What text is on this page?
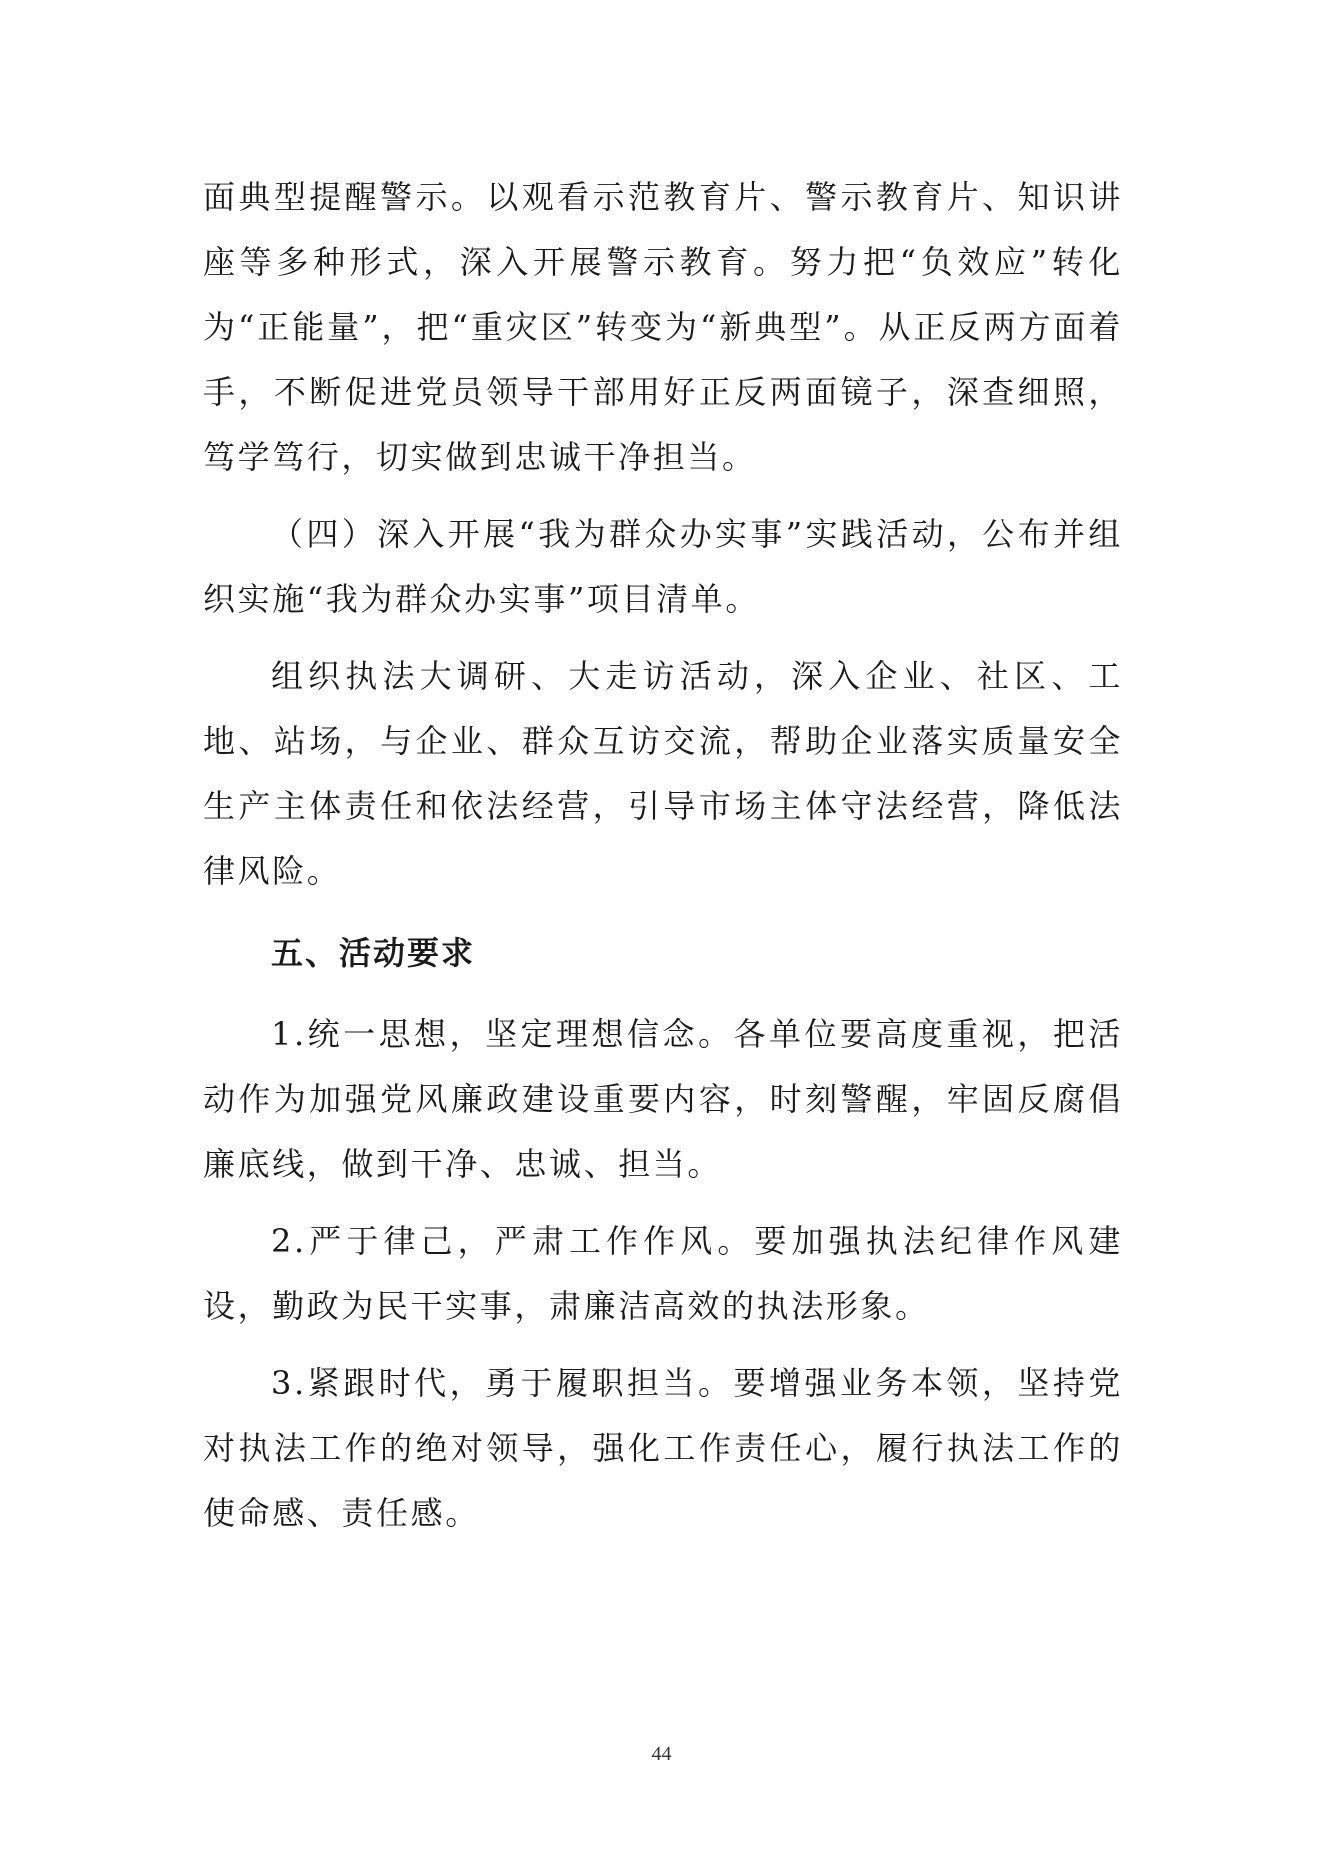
面典型提醒警示。以观看示范教育片、警示教育片、知识讲座等多种形式，深入开展警示教育。努力把“负效应”转化为“正能量”，把“重灾区”转变为“新典型”。从正反两方面着手，不断促进党员领导干部用好正反两面镜子，深查细照，笃学笃行，切实做到忠诚干净担当。

（四）深入开展“我为群众办实事”实践活动，公布并组织实施“我为群众办实事”项目清单。

组织执法大调研、大走访活动，深入企业、社区、工地、站场，与企业、群众互访交流，帮助企业落实质量安全生产主体责任和依法经营，引导市场主体守法经营，降低法律风险。

五、活动要求

1.统一思想，坚定理想信念。各单位要高度重视，把活动作为加强党风廉政建设重要内容，时刻警醒，牢固反腐倡廉底线，做到干净、忠诚、担当。

2.严于律己，严肃工作作风。要加强执法纪律作风建设，勤政为民干实事，肃廉洁高效的执法形象。

3.紧跟时代，勇于履职担当。要增强业务本领，坚持党对执法工作的绝对领导，强化工作责任心，履行执法工作的使命感、责任感。

44
